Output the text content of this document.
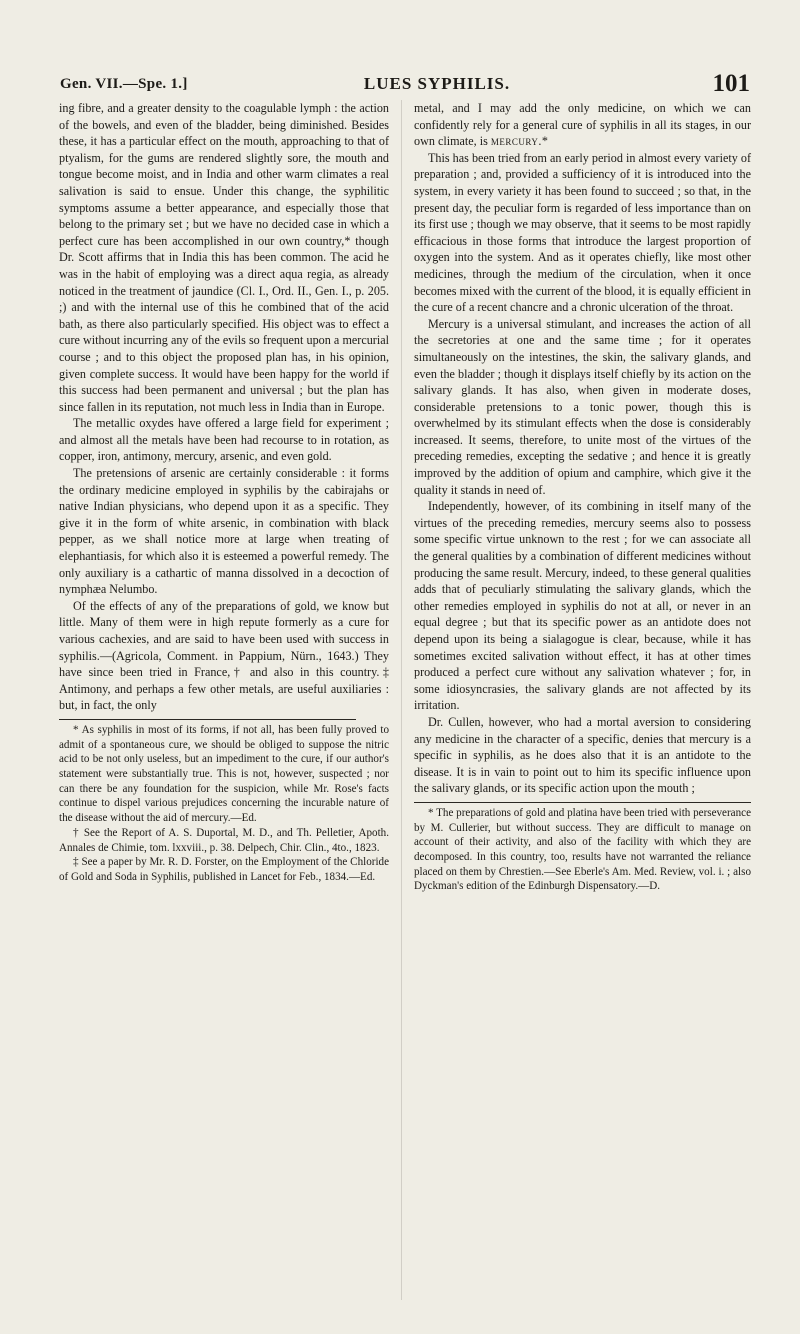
Gen. VII.—Spe. 1.]	LUES SYPHILIS.	101

ing fibre, and a greater density to the coagulable lymph : the action of the bowels, and even of the bladder, being diminished. Besides these, it has a particular effect on the mouth, approaching to that of ptyalism, for the gums are rendered slightly sore, the mouth and tongue become moist, and in India and other warm climates a real salivation is said to ensue. Under this change, the syphilitic symptoms assume a better appearance, and especially those that belong to the primary set ; but we have no decided case in which a perfect cure has been accomplished in our own country,* though Dr. Scott affirms that in India this has been common. The acid he was in the habit of employing was a direct aqua regia, as already noticed in the treatment of jaundice (Cl. I., Ord. II., Gen. I., p. 205. ;) and with the internal use of this he combined that of the acid bath, as there also particularly specified. His object was to effect a cure without incurring any of the evils so frequent upon a mercurial course ; and to this object the proposed plan has, in his opinion, given complete success. It would have been happy for the world if this success had been permanent and universal ; but the plan has since fallen in its reputation, not much less in India than in Europe.

The metallic oxydes have offered a large field for experiment ; and almost all the metals have been had recourse to in rotation, as copper, iron, antimony, mercury, arsenic, and even gold.

The pretensions of arsenic are certainly considerable : it forms the ordinary medicine employed in syphilis by the cabirajahs or native Indian physicians, who depend upon it as a specific. They give it in the form of white arsenic, in combination with black pepper, as we shall notice more at large when treating of elephantiasis, for which also it is esteemed a powerful remedy. The only auxiliary is a cathartic of manna dissolved in a decoction of nymphæa Nelumbo.

Of the effects of any of the preparations of gold, we know but little. Many of them were in high repute formerly as a cure for various cachexies, and are said to have been used with success in syphilis.—(Agricola, Comment. in Pappium, Nürn., 1643.) They have since been tried in France,† and also in this country.‡ Antimony, and perhaps a few other metals, are useful auxiliaries : but, in fact, the only

* As syphilis in most of its forms, if not all, has been fully proved to admit of a spontaneous cure, we should be obliged to suppose the nitric acid to be not only useless, but an impediment to the cure, if our author's statement were substantially true. This is not, however, suspected ; nor can there be any foundation for the suspicion, while Mr. Rose's facts continue to dispel various prejudices concerning the incurable nature of the disease without the aid of mercury.—Ed.

† See the Report of A. S. Duportal, M. D., and Th. Pelletier, Apoth. Annales de Chimie, tom. lxxviii., p. 38. Delpech, Chir. Clin., 4to., 1823.

‡ See a paper by Mr. R. D. Forster, on the Employment of the Chloride of Gold and Soda in Syphilis, published in Lancet for Feb., 1834.—Ed.

metal, and I may add the only medicine, on which we can confidently rely for a general cure of syphilis in all its stages, in our own climate, is mercury.*

This has been tried from an early period in almost every variety of preparation ; and, provided a sufficiency of it is introduced into the system, in every variety it has been found to succeed ; so that, in the present day, the peculiar form is regarded of less importance than on its first use ; though we may observe, that it seems to be most rapidly efficacious in those forms that introduce the largest proportion of oxygen into the system. And as it operates chiefly, like most other medicines, through the medium of the circulation, when it once becomes mixed with the current of the blood, it is equally efficient in the cure of a recent chancre and a chronic ulceration of the throat.

Mercury is a universal stimulant, and increases the action of all the secretories at one and the same time ; for it operates simultaneously on the intestines, the skin, the salivary glands, and even the bladder ; though it displays itself chiefly by its action on the salivary glands. It has also, when given in moderate doses, considerable pretensions to a tonic power, though this is overwhelmed by its stimulant effects when the dose is considerably increased. It seems, therefore, to unite most of the virtues of the preceding remedies, excepting the sedative ; and hence it is greatly improved by the addition of opium and camphire, which give it the quality it stands in need of.

Independently, however, of its combining in itself many of the virtues of the preceding remedies, mercury seems also to possess some specific virtue unknown to the rest ; for we can associate all the general qualities by a combination of different medicines without producing the same result. Mercury, indeed, to these general qualities adds that of peculiarly stimulating the salivary glands, which the other remedies employed in syphilis do not at all, or never in an equal degree ; but that its specific power as an antidote does not depend upon its being a sialagogue is clear, because, while it has sometimes excited salivation without effect, it has at other times produced a perfect cure without any salivation whatever ; for, in some idiosyncrasies, the salivary glands are not affected by its irritation.

Dr. Cullen, however, who had a mortal aversion to considering any medicine in the character of a specific, denies that mercury is a specific in syphilis, as he does also that it is an antidote to the disease. It is in vain to point out to him its specific influence upon the salivary glands, or its specific action upon the mouth ;

* The preparations of gold and platina have been tried with perseverance by M. Cullerier, but without success. They are difficult to manage on account of their activity, and also of the facility with which they are decomposed. In this country, too, results have not warranted the reliance placed on them by Chrestien.—See Eberle's Am. Med. Review, vol. i. ; also Dyckman's edition of the Edinburgh Dispensatory.—D.
